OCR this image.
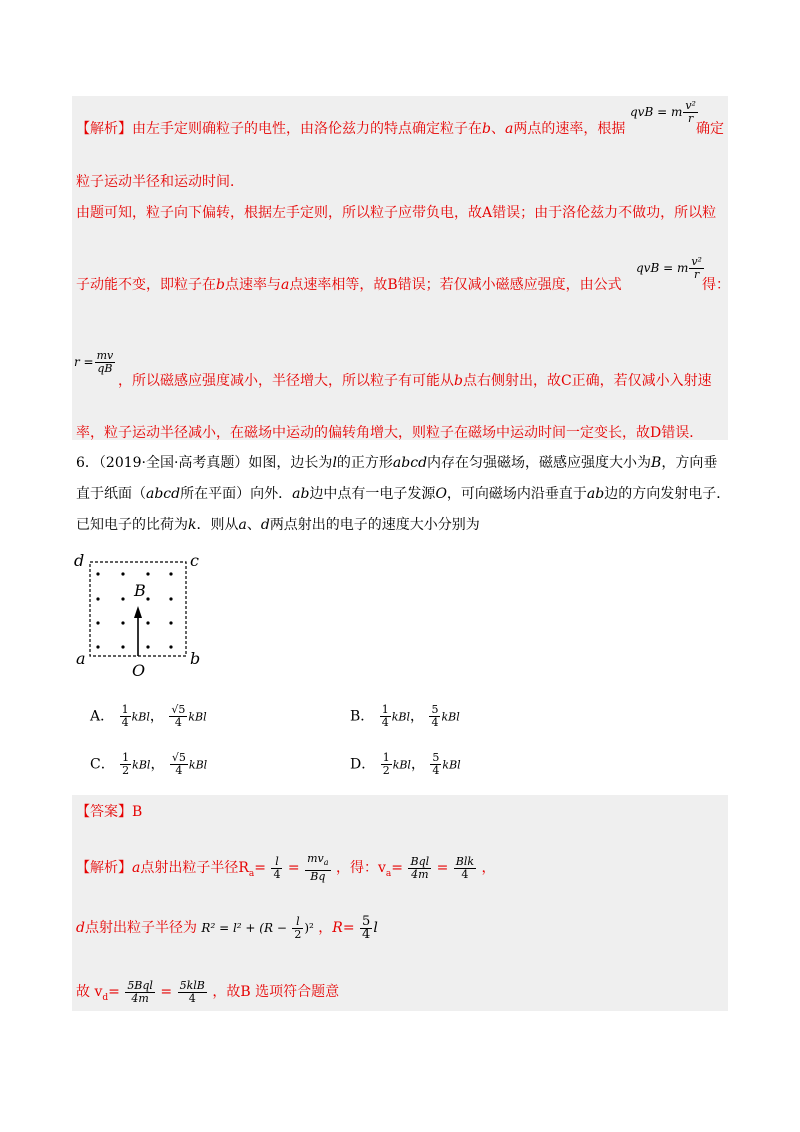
【解析】由左手定则确粒子的电性，由洛伦兹力的特点确定粒子在b、a两点的速率，根据
qvB = m $\frac{\text{v²}}{r}$
确定
粒子运动半径和运动时间．
由题可知，粒子向下偏转，根据左手定则，所以粒子应带负电，故A错误；由于洛伦兹力不做功，所以粒
子动能不变，即粒子在b点速率与a点速率相等，故B错误；若仅减小磁感应强度，由公式
qvB = m $\frac{\text{v²}}{r}$
得：
$r = \frac{mv}{qB}$
，所以磁感应强度减小，半径增大，所以粒子有可能从b点右侧射出，故C正确，若仅减小入射速
率，粒子运动半径减小，在磁场中运动的偏转角增大，则粒子在磁场中运动时间一定变长，故D错误．
6．（2019·全国·高考真题）如图，边长为l的正方形abcd内存在匀强磁场，磁感应强度大小为B，方向垂
直于纸面（abcd所在平面）向外．ab边中点有一电子发源O，可向磁场内沿垂直于ab边的方向发射电子．
已知电子的比荷为k．则从a、d两点射出的电子的速度大小分别为
d	c
a	b
B
O
A． $\frac{1}{4}$ kBl， $\frac{√5}{4}$ kBl	B． $\frac{1}{4}$ kBl， $\frac{5}{4}$ kBl
C． $\frac{1}{2}$ kBl， $\frac{√5}{4}$ kBl	D． $\frac{1}{2}$ kBl， $\frac{5}{4}$ kBl
【答案】B
【解析】a点射出粒子半径$R_a= \frac{l}{4} = \frac{mv_a}{Bq}$ ，得：$v_a= \frac{\text{Bql}}{4m} = \frac{\text{Blk}}{4}$ ，
d点射出粒子半径为 $R^2 = l^2 + (R - \frac{l}{2} )^2$ ，$R= \frac{5}{4}$ l
故 $v_d= \frac{\text{5Bql}}{4m} = \frac{\text{5klB}}{4}$ ，故B 选项符合题意
